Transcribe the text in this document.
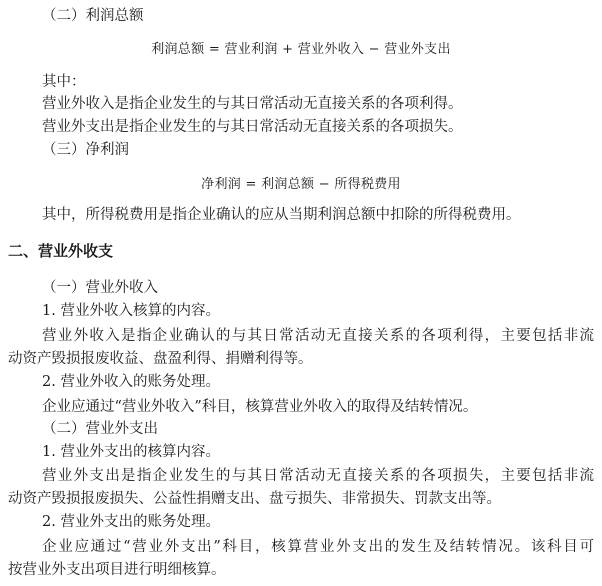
（二）利润总额
利润总额 = 营业利润 + 营业外收入 − 营业外支出
其中：
营业外收入是指企业发生的与其日常活动无直接关系的各项利得。
营业外支出是指企业发生的与其日常活动无直接关系的各项损失。
（三）净利润
净利润 = 利润总额 − 所得税费用
其中，所得税费用是指企业确认的应从当期利润总额中扣除的所得税费用。
二、营业外收支
（一）营业外收入
1. 营业外收入核算的内容。
营业外收入是指企业确认的与其日常活动无直接关系的各项利得，主要包括非流
动资产毁损报废收益、盘盈利得、捐赠利得等。
2. 营业外收入的账务处理。
企业应通过“营业外收入”科目，核算营业外收入的取得及结转情况。
（二）营业外支出
1. 营业外支出的核算内容。
营业外支出是指企业发生的与其日常活动无直接关系的各项损失，主要包括非流
动资产毁损报废损失、公益性捐赠支出、盘亏损失、非常损失、罚款支出等。
2. 营业外支出的账务处理。
企业应通过“营业外支出”科目，核算营业外支出的发生及结转情况。该科目可
按营业外支出项目进行明细核算。
